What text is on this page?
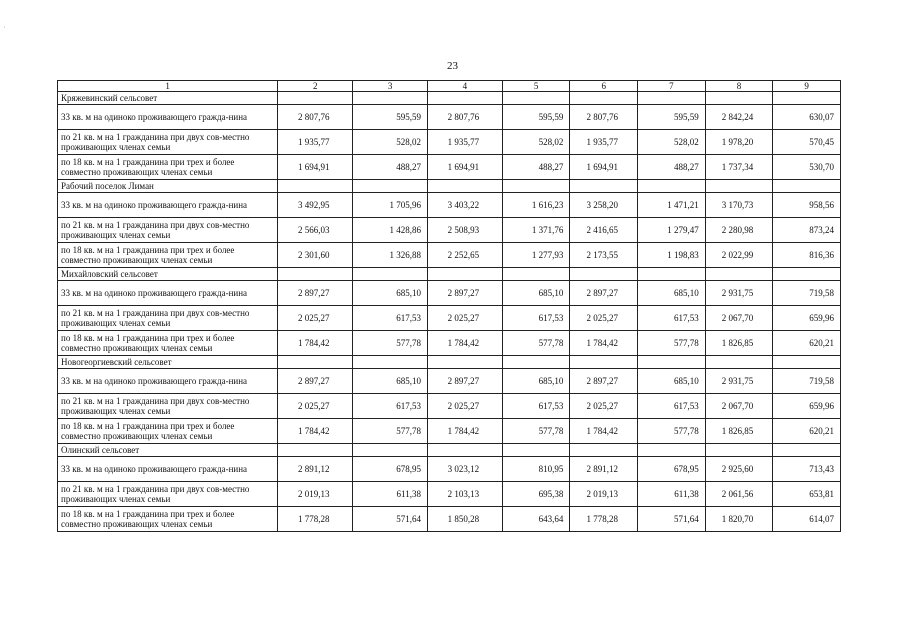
˙
23
1	2	3	4	5	6	7	8	9
Кряжевинский сельсовет								
33 кв. м на одиноко проживающего гражда-нина	2 807,76	595,59	2 807,76	595,59	2 807,76	595,59	2 842,24	630,07
по 21 кв. м на 1 гражданина при двух сов-местно проживающих членах семьи	1 935,77	528,02	1 935,77	528,02	1 935,77	528,02	1 978,20	570,45
по 18 кв. м на 1 гражданина при трех и более совместно проживающих членах семьи	1 694,91	488,27	1 694,91	488,27	1 694,91	488,27	1 737,34	530,70
Рабочий поселок Лиман								
33 кв. м на одиноко проживающего гражда-нина	3 492,95	1 705,96	3 403,22	1 616,23	3 258,20	1 471,21	3 170,73	958,56
по 21 кв. м на 1 гражданина при двух сов-местно проживающих членах семьи	2 566,03	1 428,86	2 508,93	1 371,76	2 416,65	1 279,47	2 280,98	873,24
по 18 кв. м на 1 гражданина при трех и более совместно проживающих членах семьи	2 301,60	1 326,88	2 252,65	1 277,93	2 173,55	1 198,83	2 022,99	816,36
Михайловский сельсовет								
33 кв. м на одиноко проживающего гражда-нина	2 897,27	685,10	2 897,27	685,10	2 897,27	685,10	2 931,75	719,58
по 21 кв. м на 1 гражданина при двух сов-местно проживающих членах семьи	2 025,27	617,53	2 025,27	617,53	2 025,27	617,53	2 067,70	659,96
по 18 кв. м на 1 гражданина при трех и более совместно проживающих членах семьи	1 784,42	577,78	1 784,42	577,78	1 784,42	577,78	1 826,85	620,21
Новогеоргиевский сельсовет								
33 кв. м на одиноко проживающего гражда-нина	2 897,27	685,10	2 897,27	685,10	2 897,27	685,10	2 931,75	719,58
по 21 кв. м на 1 гражданина при двух сов-местно проживающих членах семьи	2 025,27	617,53	2 025,27	617,53	2 025,27	617,53	2 067,70	659,96
по 18 кв. м на 1 гражданина при трех и более совместно проживающих членах семьи	1 784,42	577,78	1 784,42	577,78	1 784,42	577,78	1 826,85	620,21
Олинский сельсовет								
33 кв. м на одиноко проживающего гражда-нина	2 891,12	678,95	3 023,12	810,95	2 891,12	678,95	2 925,60	713,43
по 21 кв. м на 1 гражданина при двух сов-местно проживающих членах семьи	2 019,13	611,38	2 103,13	695,38	2 019,13	611,38	2 061,56	653,81
по 18 кв. м на 1 гражданина при трех и более совместно проживающих членах семьи	1 778,28	571,64	1 850,28	643,64	1 778,28	571,64	1 820,70	614,07
